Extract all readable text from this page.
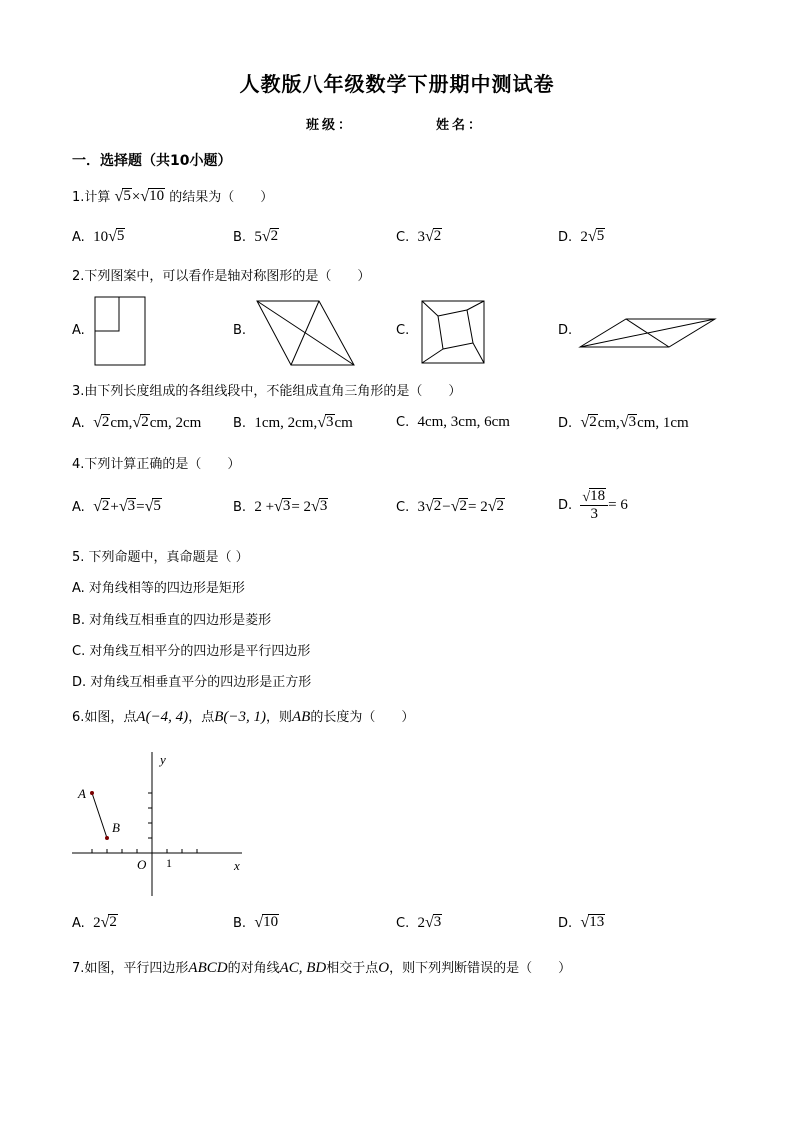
人教版八年级数学下册期中测试卷
班级：	姓名：
一．选择题（共10小题）
1.计算 √ 5 × √ 10 的结果为（　　）
A. 10 √ 5	B. 5 √ 2	C. 3 √ 2	D. 2 √ 5
2.下列图案中，可以看作是轴对称图形的是（　　）
A.	B.	C.	D.
3.由下列长度组成的各组线段中，不能组成直角三角形的是（　　）
A. √ 2 cm, √ 2 cm, 2cm B. 1cm, 2cm, √ 3 cm	C. 4cm, 3cm, 6cm	D. √ 2 cm, √ 3 cm, 1cm
4.下列计算正确的是（　　）
A. √ 2 + √ 3 = √ 5	B. 2 + √ 3 = 2 √ 3	C. 3 √ 2 − √ 2 = 2 √ 2	D. $\frac{√ 18}{3} = 6$
5. 下列命题中，真命题是（ ）
A. 对角线相等的四边形是矩形
B. 对角线互相垂直的四边形是菱形
C. 对角线互相平分的四边形是平行四边形
D. 对角线互相垂直平分的四边形是正方形
6.如图，点A(−4, 4)，点B(−3, 1)，则AB的长度为（　　）
y
x
O 1
A
B
A. 2 √ 2	B. √ 10	C. 2 √ 3	D. √ 13
7.如图，平行四边形ABCD的对角线AC, BD相交于点O，则下列判断错误的是（　　）
